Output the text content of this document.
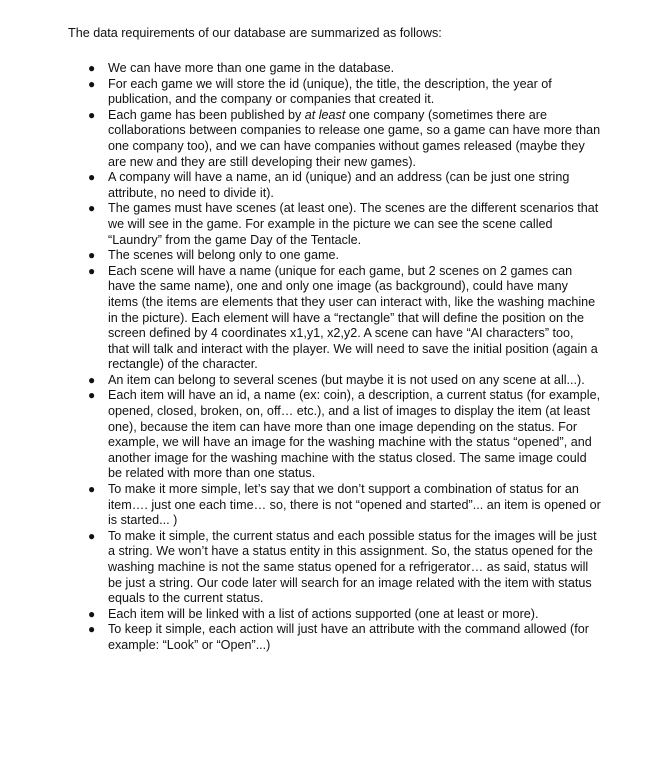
The data requirements of our database are summarized as follows:

● We can have more than one game in the database.
● For each game we will store the id (unique), the title, the description, the year of
publication, and the company or companies that created it.
● Each game has been published by at least one company (sometimes there are
collaborations between companies to release one game, so a game can have more than
one company too), and we can have companies without games released (maybe they
are new and they are still developing their new games).
● A company will have a name, an id (unique) and an address (can be just one string
attribute, no need to divide it).
● The games must have scenes (at least one). The scenes are the different scenarios that
we will see in the game. For example in the picture we can see the scene called
“Laundry” from the game Day of the Tentacle.
● The scenes will belong only to one game.
● Each scene will have a name (unique for each game, but 2 scenes on 2 games can
have the same name), one and only one image (as background), could have many
items (the items are elements that they user can interact with, like the washing machine
in the picture). Each element will have a “rectangle” that will define the position on the
screen defined by 4 coordinates x1,y1, x2,y2. A scene can have “AI characters” too,
that will talk and interact with the player. We will need to save the initial position (again a
rectangle) of the character.
● An item can belong to several scenes (but maybe it is not used on any scene at all...).
● Each item will have an id, a name (ex: coin), a description, a current status (for example,
opened, closed, broken, on, off… etc.), and a list of images to display the item (at least
one), because the item can have more than one image depending on the status. For
example, we will have an image for the washing machine with the status “opened”, and
another image for the washing machine with the status closed. The same image could
be related with more than one status.
● To make it more simple, let’s say that we don’t support a combination of status for an
item…. just one each time… so, there is not “opened and started”... an item is opened or
is started... )
● To make it simple, the current status and each possible status for the images will be just
a string. We won’t have a status entity in this assignment. So, the status opened for the
washing machine is not the same status opened for a refrigerator… as said, status will
be just a string. Our code later will search for an image related with the item with status
equals to the current status.
● Each item will be linked with a list of actions supported (one at least or more).
● To keep it simple, each action will just have an attribute with the command allowed (for
example: “Look” or “Open”...)
